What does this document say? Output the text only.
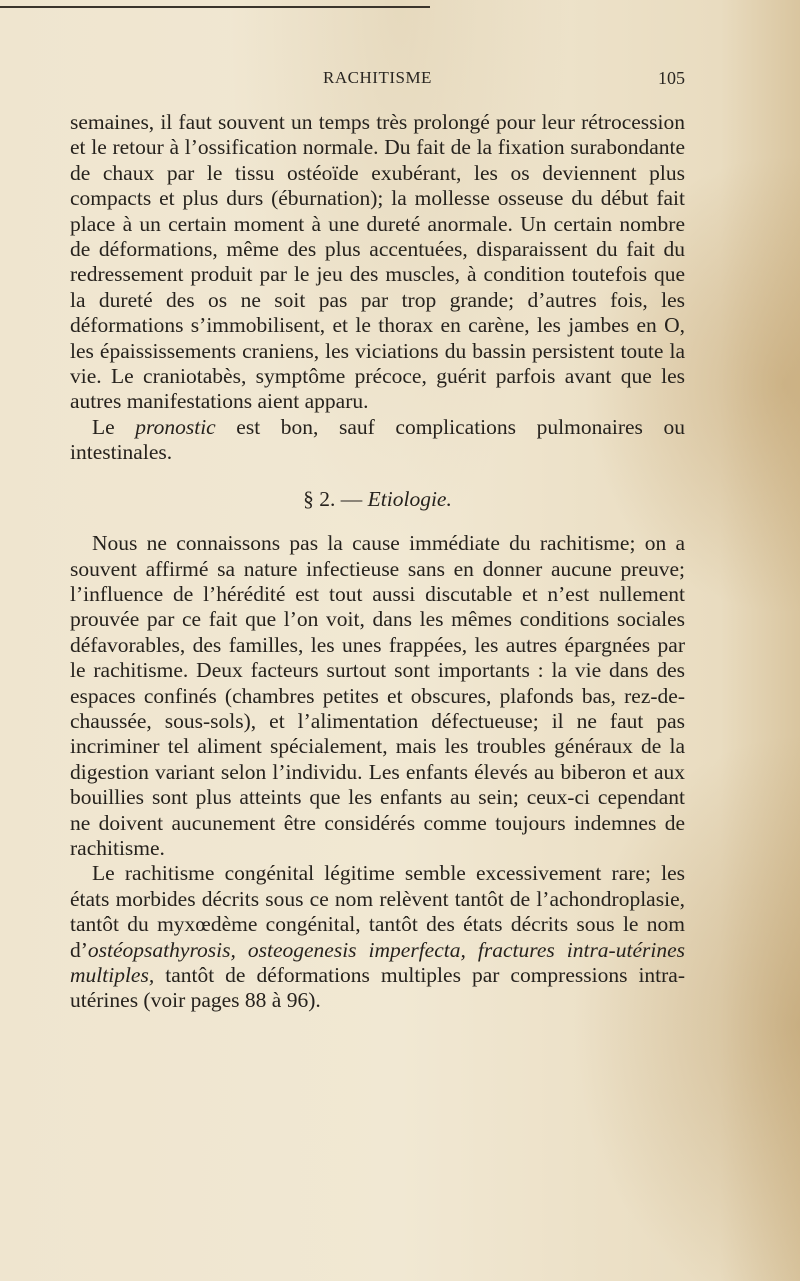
RACHITISME	105

semaines, il faut souvent un temps très prolongé pour leur rétrocession et le retour à l’ossification normale. Du fait de la fixation surabondante de chaux par le tissu ostéoïde exubérant, les os deviennent plus compacts et plus durs (éburnation); la mollesse osseuse du début fait place à un certain moment à une dureté anormale. Un certain nombre de déformations, même des plus accentuées, disparaissent du fait du redressement produit par le jeu des muscles, à condition toutefois que la dureté des os ne soit pas par trop grande; d’autres fois, les déformations s’immobilisent, et le thorax en carène, les jambes en O, les épaississements craniens, les viciations du bassin persistent toute la vie. Le craniotabès, symptôme précoce, guérit parfois avant que les autres manifestations aient apparu.

Le pronostic est bon, sauf complications pulmonaires ou intestinales.

§ 2. — Etiologie.

Nous ne connaissons pas la cause immédiate du rachitisme; on a souvent affirmé sa nature infectieuse sans en donner aucune preuve; l’influence de l’hérédité est tout aussi discutable et n’est nullement prouvée par ce fait que l’on voit, dans les mêmes conditions sociales défavorables, des familles, les unes frappées, les autres épargnées par le rachitisme. Deux facteurs surtout sont importants : la vie dans des espaces confinés (chambres petites et obscures, plafonds bas, rez-de-chaussée, sous-sols), et l’alimentation défectueuse; il ne faut pas incriminer tel aliment spécialement, mais les troubles généraux de la digestion variant selon l’individu. Les enfants élevés au biberon et aux bouillies sont plus atteints que les enfants au sein; ceux-ci cependant ne doivent aucunement être considérés comme toujours indemnes de rachitisme.

Le rachitisme congénital légitime semble excessivement rare; les états morbides décrits sous ce nom relèvent tantôt de l’achondroplasie, tantôt du myxœdème congénital, tantôt des états décrits sous le nom d’ostéopsathyrosis, osteogenesis imperfecta, fractures intra-utérines multiples, tantôt de déformations multiples par compressions intra-utérines (voir pages 88 à 96).
